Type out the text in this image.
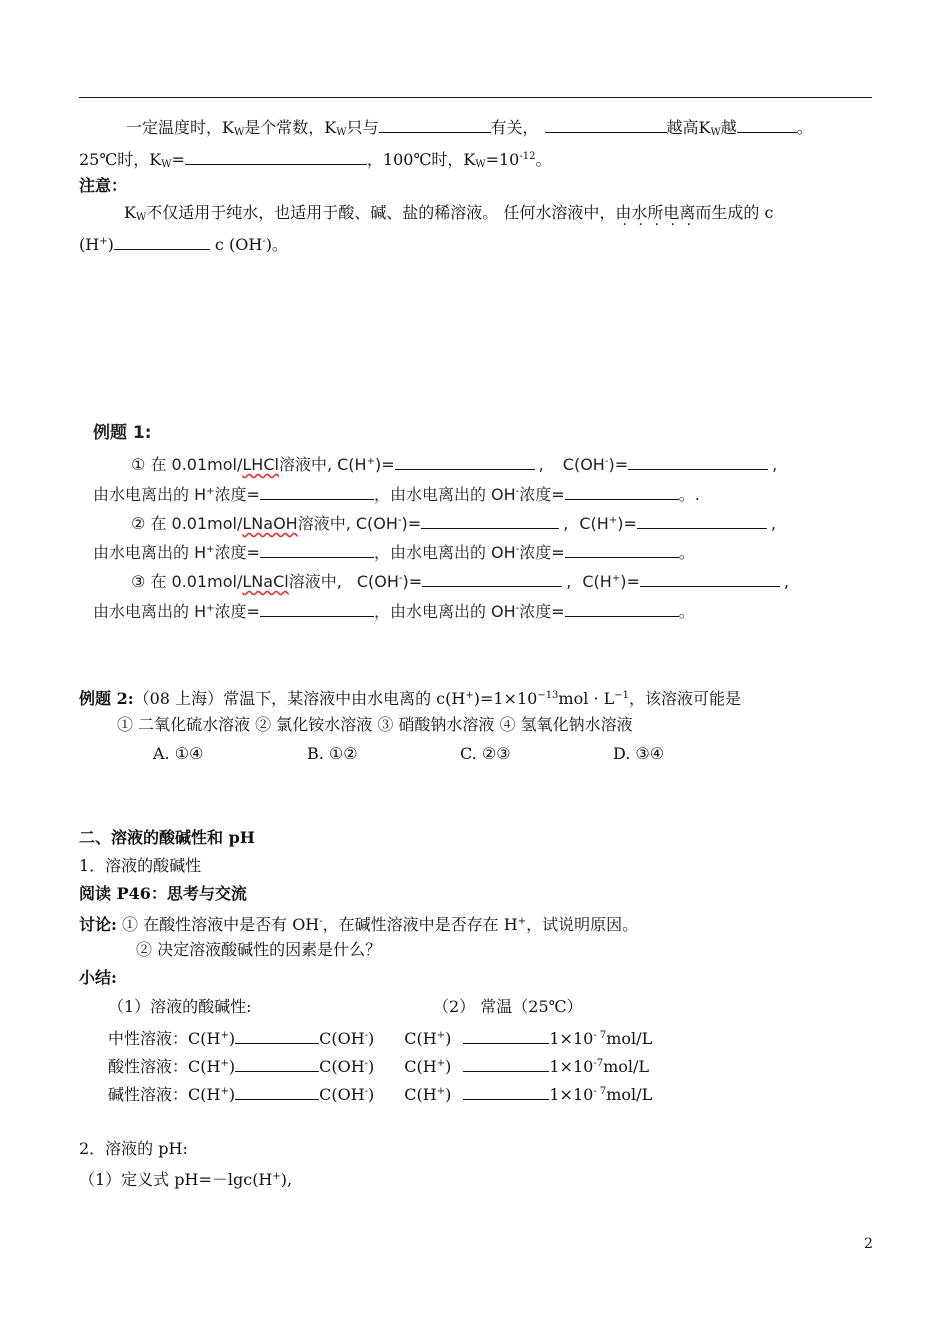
一定温度时，$K_W$是个常数，$K_W$只与	有关，	越高$K_W$越	。
25℃时，$K_W=$	，100℃时，$K_W=10^{-12}$。
注意：
$K_W$不仅适用于纯水，也适用于酸、碱、盐的稀溶液。 任何水溶液中，由水所电离而生成的 c
(H+)	c (OH-)。
例题 1:
① 在 0.01mol/LHCl溶液中, C(H+)=	, C(OH-)=	,
由水电离出的 H+浓度=	，由水电离出的 OH-浓度=	。.
② 在 0.01mol/LNaOH溶液中, C(OH-)=	, C(H+)=	,
由水电离出的 H+浓度=	，由水电离出的 OH-浓度=	。
③ 在 0.01mol/LNaCl溶液中, C(OH-)=	, C(H+)=	,
由水电离出的 H+浓度=	，由水电离出的 OH-浓度=	。
例题 2:（08 上海）常温下，某溶液中由水电离的 $c(H^+)=1\times 10^{-13}mol \cdot L^{-1}$，该溶液可能是
① 二氧化硫水溶液 ② 氯化铵水溶液 ③ 硝酸钠水溶液 ④ 氢氧化钠水溶液
A. ①④	B. ①②	C. ②③	D. ③④
二、溶液的酸碱性和 pH
1．溶液的酸碱性
阅读 P46：思考与交流
讨论: ① 在酸性溶液中是否有 OH-，在碱性溶液中是否存在 H+，试说明原因。
② 决定溶液酸碱性的因素是什么？
小结:
（1）溶液的酸碱性:	（2） 常温（25℃）
中性溶液：C(H+)	C(OH-) C(H+)	$1\times 10^{- 7}mol/L$
酸性溶液：C(H+)	C(OH-) C(H+)	$1\times 10^{-7}mol/L$
碱性溶液：C(H+)	C(OH-) C(H+)	$1\times 10^{- 7}mol/L$
2．溶液的 pH:
（1）定义式 pH=－lgc(H+),
2
